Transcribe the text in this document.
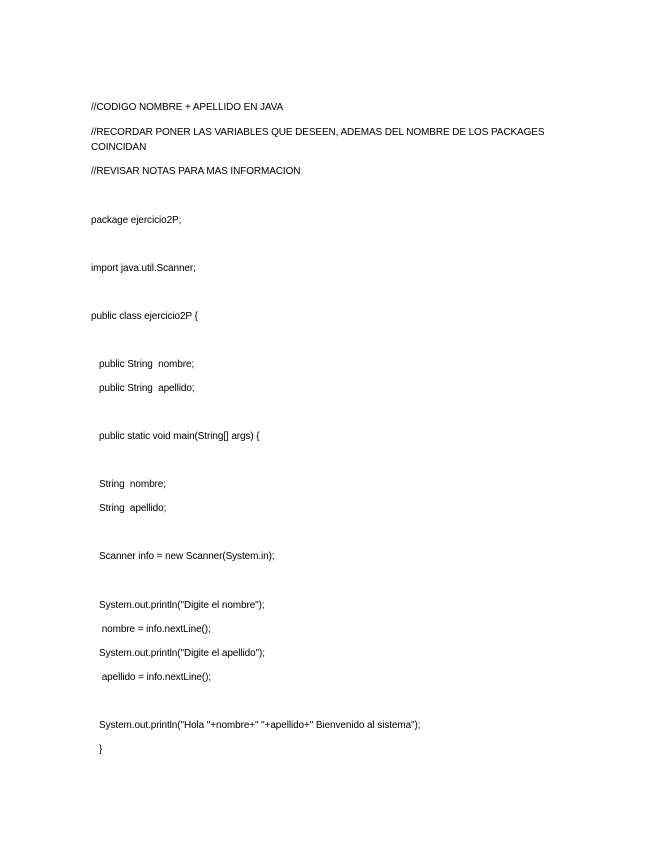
//CODIGO NOMBRE + APELLIDO EN JAVA
//RECORDAR PONER LAS VARIABLES QUE DESEEN, ADEMAS DEL NOMBRE DE LOS PACKAGES
COINCIDAN
//REVISAR NOTAS PARA MAS INFORMACION
package ejercicio2P;
import java.util.Scanner;
public class ejercicio2P {
public String  nombre;
public String  apellido;
public static void main(String[] args) {
String  nombre;
String  apellido;
Scanner info = new Scanner(System.in);
System.out.println("Digite el nombre");
nombre = info.nextLine();
System.out.println("Digite el apellido");
apellido = info.nextLine();
System.out.println("Hola "+nombre+" "+apellido+" Bienvenido al sistema");
}
